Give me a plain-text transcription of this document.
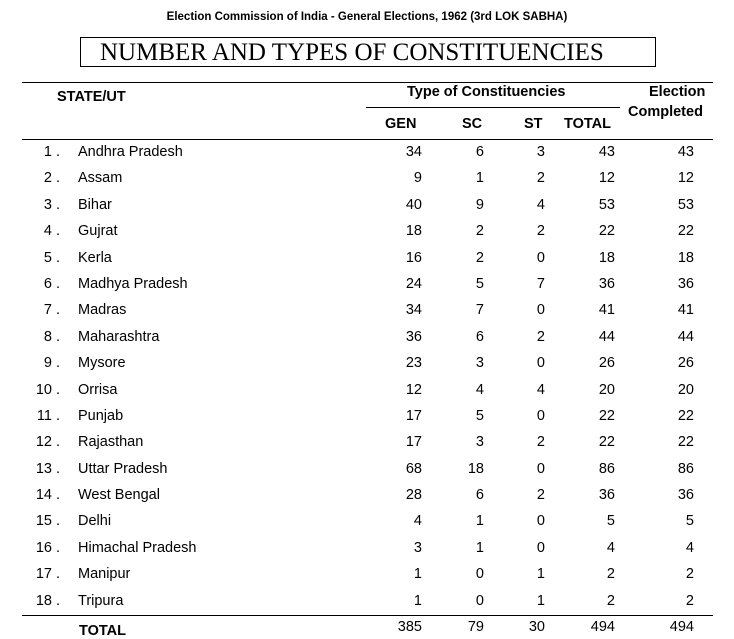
Election Commission of India - General Elections, 1962 (3rd LOK SABHA)
NUMBER AND TYPES OF CONSTITUENCIES
STATE/UT	Type of Constituencies
GEN	SC	ST TOTAL
Election
Completed
1 . Andhra Pradesh	34	6	3	43	43
2 . Assam	9	1	2	12	12
3 . Bihar	40	9	4	53	53
4 . Gujrat	18	2	2	22	22
5 . Kerla	16	2	0	18	18
6 . Madhya Pradesh	24	5	7	36	36
7 . Madras	34	7	0	41	41
8 . Maharashtra	36	6	2	44	44
9 . Mysore	23	3	0	26	26
10 . Orrisa	12	4	4	20	20
11 . Punjab	17	5	0	22	22
12 . Rajasthan	17	3	2	22	22
13 . Uttar Pradesh	68	18	0	86	86
14 . West Bengal	28	6	2	36	36
15 . Delhi	4	1	0	5	5
16 . Himachal Pradesh	3	1	0	4	4
17 . Manipur	1	0	1	2	2
18 . Tripura	1	0	1	2	2
TOTAL	385	79	30	494	494
